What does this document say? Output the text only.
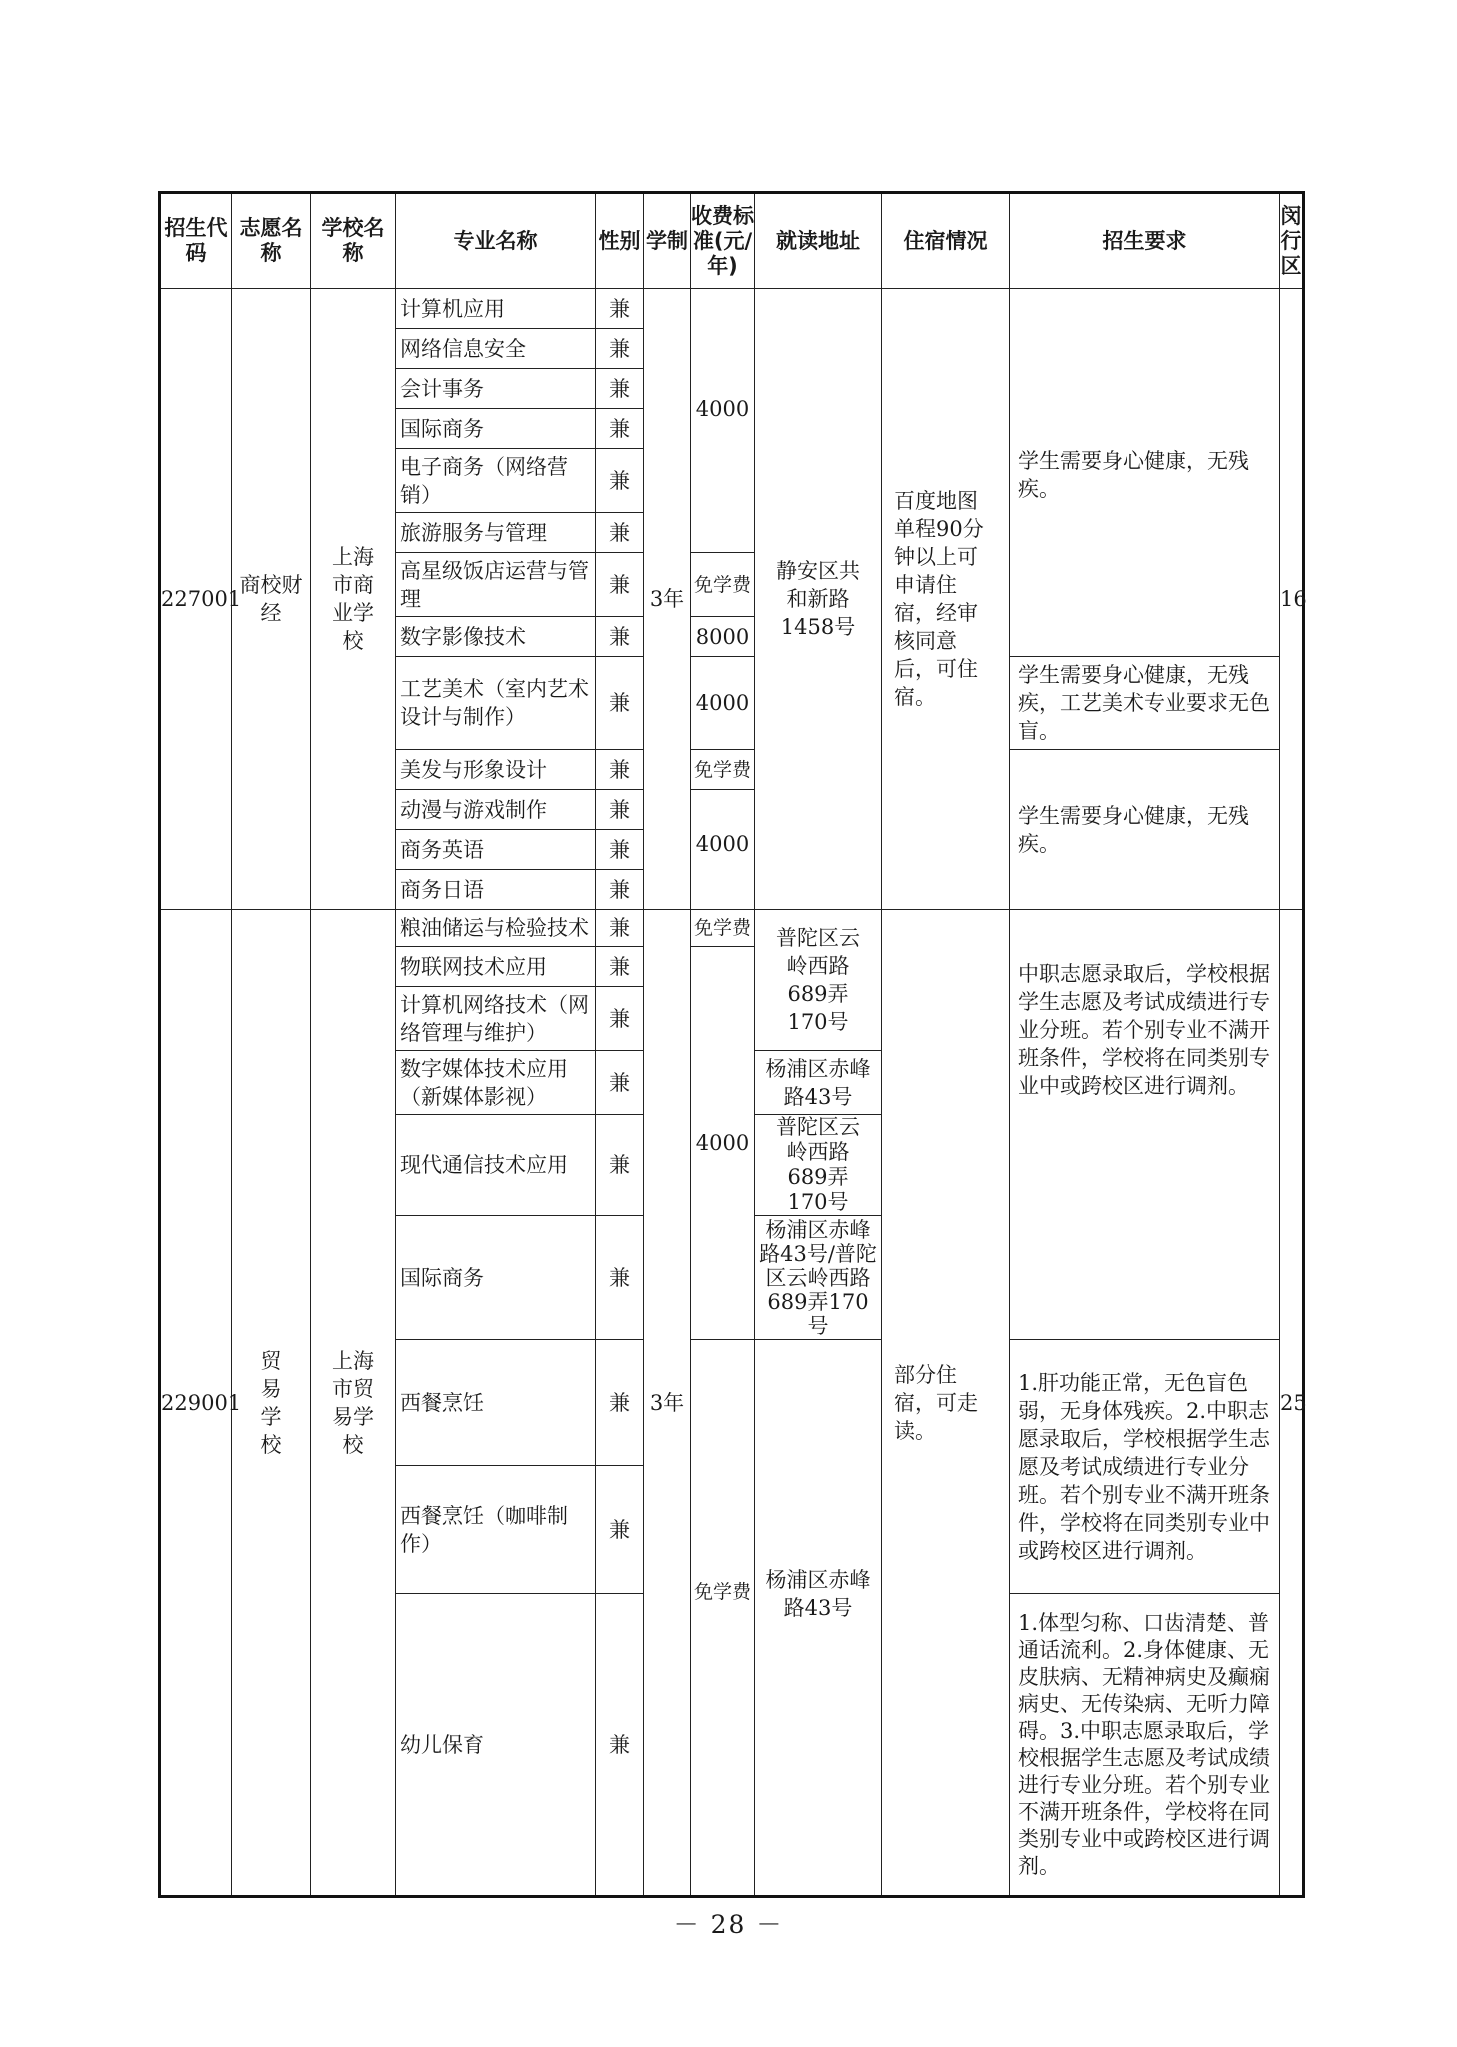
招生代码	志愿名称	学校名称	专业名称	性别	学制	收费标准(元/年)	就读地址	住宿情况	招生要求	闵行区
227001	商校财经	上海市商业学校	计算机应用	兼	3年	4000	静安区共和新路1458号	百度地图单程90分钟以上可申请住宿，经审核同意后，可住宿。	学生需要身心健康，无残疾。	16
			网络信息安全	兼						
			会计事务	兼						
			国际商务	兼						
			电子商务（网络营销）	兼						
			旅游服务与管理	兼						
			高星级饭店运营与管理	兼		免学费				
			数字影像技术	兼		8000				
			工艺美术（室内艺术设计与制作）	兼		4000			学生需要身心健康，无残疾，工艺美术专业要求无色盲。	
			美发与形象设计	兼		免学费			学生需要身心健康，无残疾。	
			动漫与游戏制作	兼		4000				
			商务英语	兼						
			商务日语	兼						
229001	贸易学校	上海市贸易学校	粮油储运与检验技术	兼	3年	免学费	普陀区云岭西路689弄170号	部分住宿，可走读。	中职志愿录取后，学校根据学生志愿及考试成绩进行专业分班。若个别专业不满开班条件，学校将在同类别专业中或跨校区进行调剂。	25
			物联网技术应用	兼		4000				
			计算机网络技术（网络管理与维护）	兼						
			数字媒体技术应用（新媒体影视）	兼			杨浦区赤峰路43号			
			现代通信技术应用	兼			普陀区云岭西路689弄170号			
			国际商务	兼			杨浦区赤峰路43号/普陀区云岭西路689弄170号			
			西餐烹饪	兼		免学费	杨浦区赤峰路43号		1.肝功能正常，无色盲色弱，无身体残疾。2.中职志愿录取后，学校根据学生志愿及考试成绩进行专业分班。若个别专业不满开班条件，学校将在同类别专业中或跨校区进行调剂。	
			西餐烹饪（咖啡制作）	兼						
			幼儿保育	兼					1.体型匀称、口齿清楚、普通话流利。2.身体健康、无皮肤病、无精神病史及癫痫病史、无传染病、无听力障碍。3.中职志愿录取后，学校根据学生志愿及考试成绩进行专业分班。若个别专业不满开班条件，学校将在同类别专业中或跨校区进行调剂。	
－ 28 －
